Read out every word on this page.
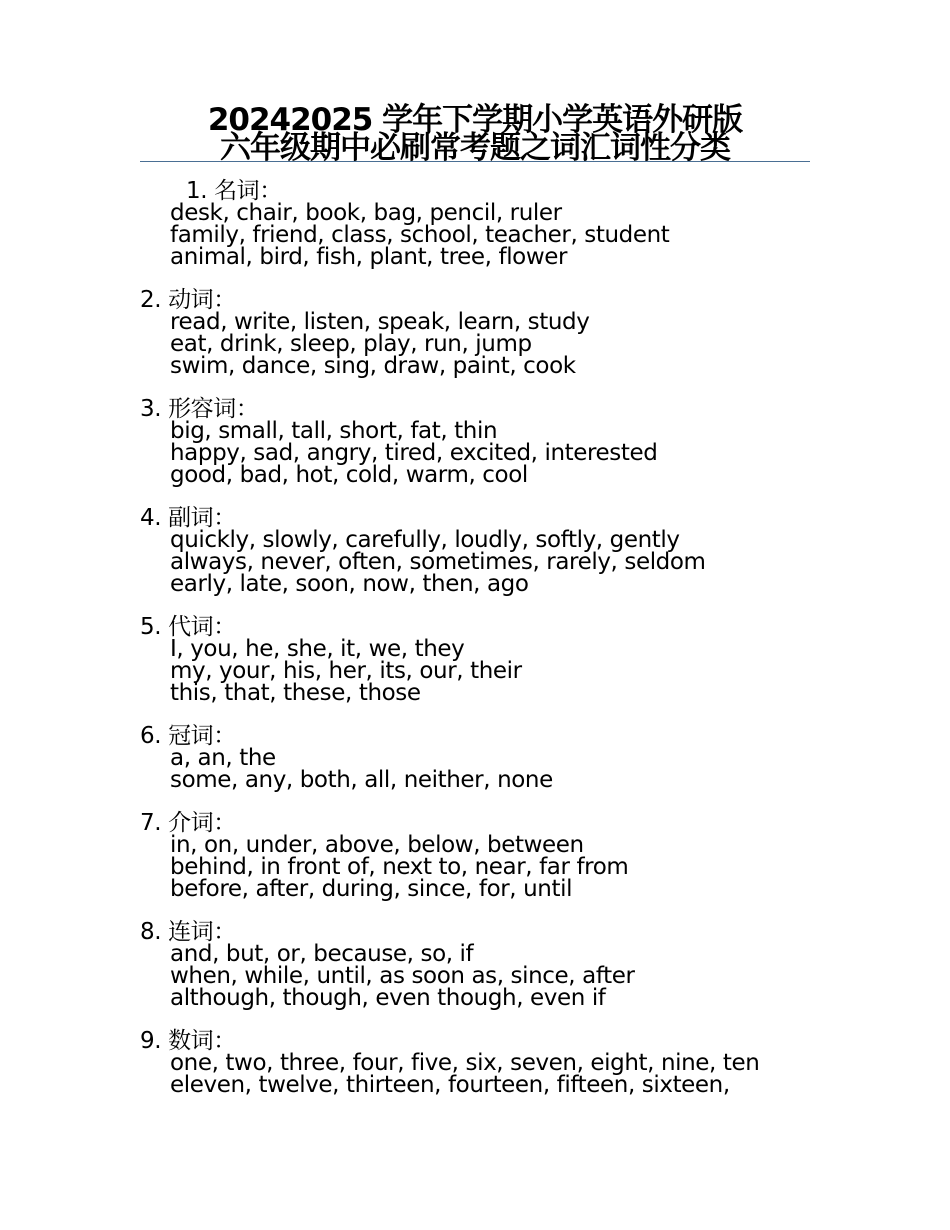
20242025 学年下学期小学英语外研版
六年级期中必刷常考题之词汇词性分类
1. 名词：
desk, chair, book, bag, pencil, ruler
family, friend, class, school, teacher, student
animal, bird, fish, plant, tree, flower
2. 动词：
read, write, listen, speak, learn, study
eat, drink, sleep, play, run, jump
swim, dance, sing, draw, paint, cook
3. 形容词：
big, small, tall, short, fat, thin
happy, sad, angry, tired, excited, interested
good, bad, hot, cold, warm, cool
4. 副词：
quickly, slowly, carefully, loudly, softly, gently
always, never, often, sometimes, rarely, seldom
early, late, soon, now, then, ago
5. 代词：
I, you, he, she, it, we, they
my, your, his, her, its, our, their
this, that, these, those
6. 冠词：
a, an, the
some, any, both, all, neither, none
7. 介词：
in, on, under, above, below, between
behind, in front of, next to, near, far from
before, after, during, since, for, until
8. 连词：
and, but, or, because, so, if
when, while, until, as soon as, since, after
although, though, even though, even if
9. 数词：
one, two, three, four, five, six, seven, eight, nine, ten
eleven, twelve, thirteen, fourteen, fifteen, sixteen,
